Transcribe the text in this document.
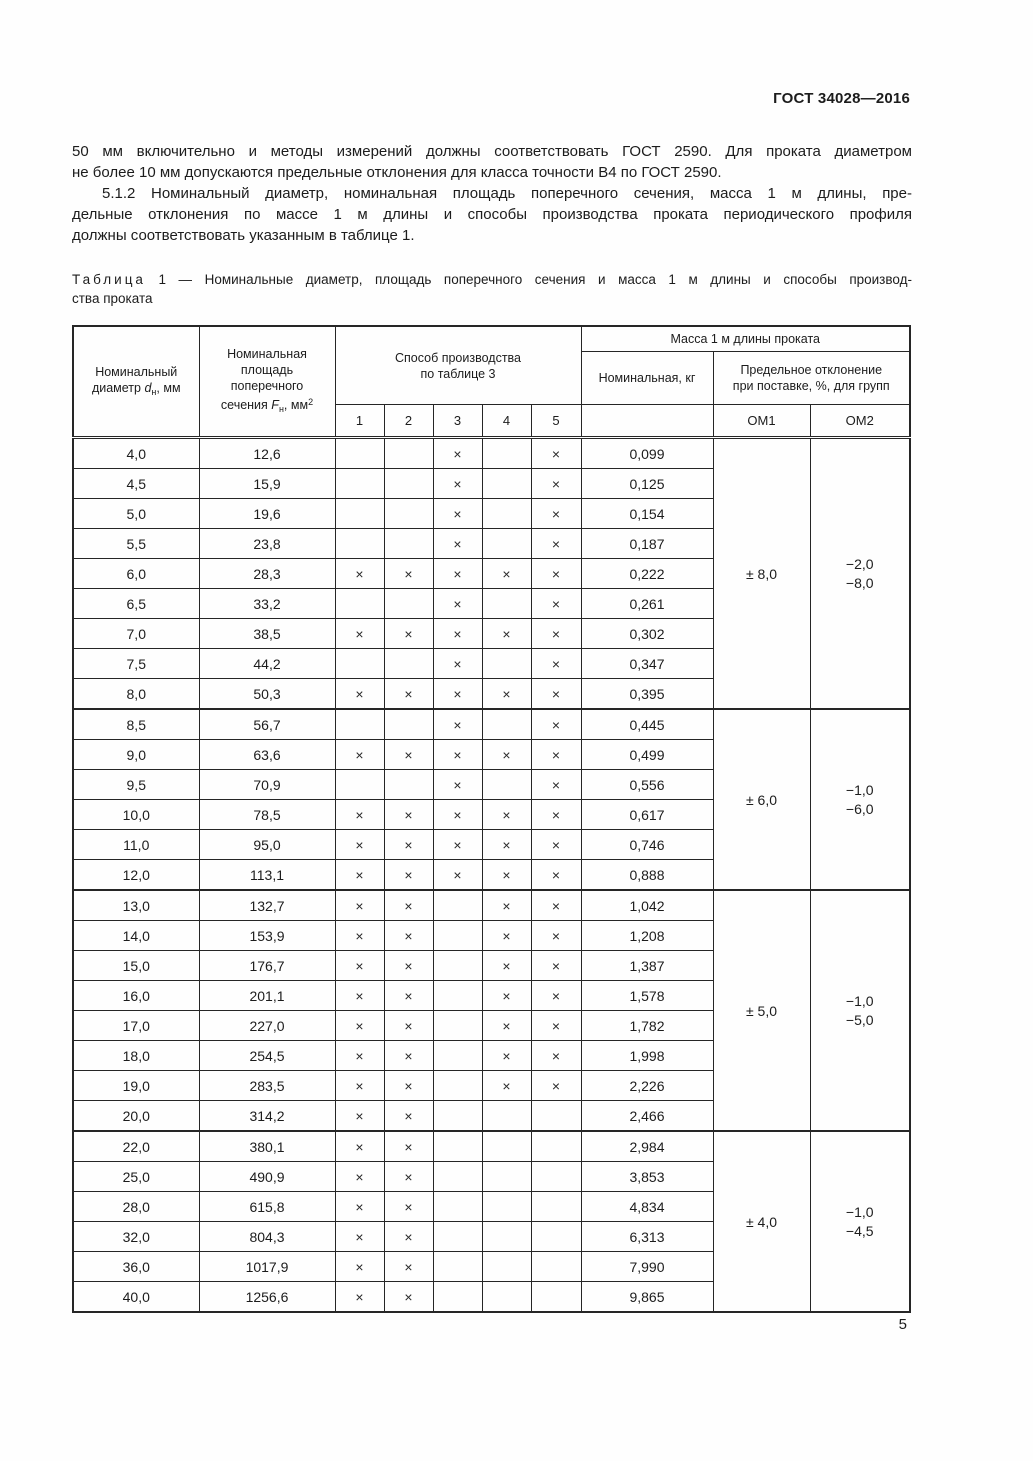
ГОСТ 34028—2016
50 мм включительно и методы измерений должны соответствовать ГОСТ 2590. Для проката диаметром
не более 10 мм допускаются предельные отклонения для класса точности В4 по ГОСТ 2590.
5.1.2 Номинальный диаметр, номинальная площадь поперечного сечения, масса 1 м длины, пре-
дельные отклонения по массе 1 м длины и способы производства проката периодического профиля
должны соответствовать указанным в таблице 1.
Таблица 1 — Номинальные диаметр, площадь поперечного сечения и масса 1 м длины и способы производ-
ства проката
Номинальный
диаметр $d_н$, мм

Номинальная
площадь
поперечного
сечения $F_н$, $мм^2$

Способ производства
по таблице 3
	Масса 1 м длины проката
							Номинальная, кг	Предельное отклонение
при поставке, %, для групп	

		1	2	3	4	5		ОМ1	ОМ2
4,0	12,6			×		×	0,099	± 8,0	−2,0
−8,0

4,5	15,9			×		×	0,125		
5,0	19,6			×		×	0,154		
5,5	23,8			×		×	0,187		
6,0	28,3	×	×	×	×	×	0,222		
6,5	33,2			×		×	0,261		
7,0	38,5	×	×	×	×	×	0,302		
7,5	44,2			×		×	0,347		
8,0	50,3	×	×	×	×	×	0,395		
8,5	56,7			×		×	0,445	± 6,0	−1,0
−6,0

9,0	63,6	×	×	×	×	×	0,499		
9,5	70,9			×		×	0,556		
10,0	78,5	×	×	×	×	×	0,617		
11,0	95,0	×	×	×	×	×	0,746		
12,0	113,1	×	×	×	×	×	0,888		
13,0	132,7	×	×		×	×	1,042	± 5,0	−1,0
−5,0

14,0	153,9	×	×		×	×	1,208		
15,0	176,7	×	×		×	×	1,387		
16,0	201,1	×	×		×	×	1,578		
17,0	227,0	×	×		×	×	1,782		
18,0	254,5	×	×		×	×	1,998		
19,0	283,5	×	×		×	×	2,226		
20,0	314,2	×	×				2,466		
22,0	380,1	×	×				2,984	± 4,0	−1,0
−4,5

25,0	490,9	×	×				3,853		
28,0	615,8	×	×				4,834		
32,0	804,3	×	×				6,313		
36,0	1017,9	×	×				7,990		
40,0	1256,6	×	×				9,865		
5
